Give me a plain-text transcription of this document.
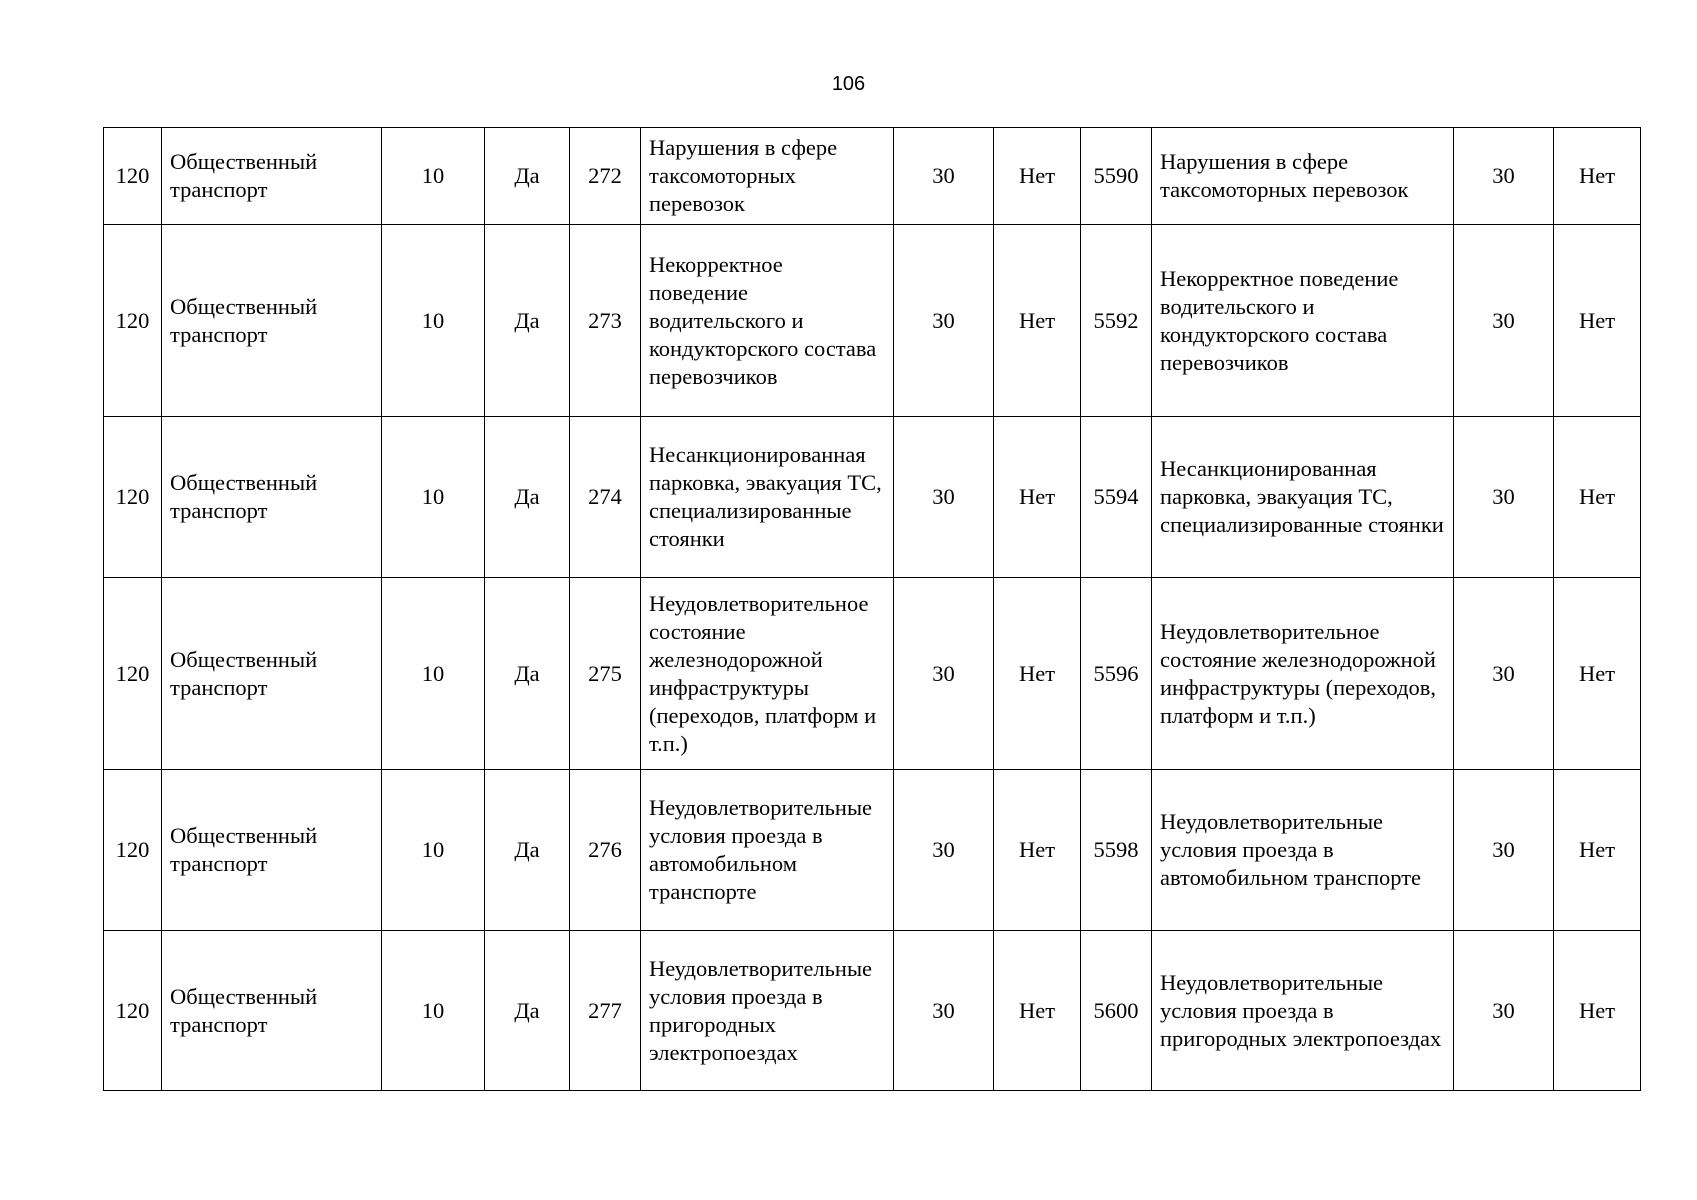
106
120	Общественный транспорт	10	Да	272	Нарушения в сфере таксомоторных перевозок	30	Нет	5590	Нарушения в сфере таксомоторных перевозок	30	Нет
120	Общественный транспорт	10	Да	273	Некорректное поведение водительского и кондукторского состава перевозчиков	30	Нет	5592	Некорректное поведение водительского и кондукторского состава перевозчиков	30	Нет
120	Общественный транспорт	10	Да	274	Несанкционированная парковка, эвакуация ТС, специализированные стоянки	30	Нет	5594	Несанкционированная парковка, эвакуация ТС, специализированные стоянки	30	Нет
120	Общественный транспорт	10	Да	275	Неудовлетворительное состояние железнодорожной инфраструктуры (переходов, платформ и т.п.)	30	Нет	5596	Неудовлетворительное состояние железнодорожной инфраструктуры (переходов, платформ и т.п.)	30	Нет
120	Общественный транспорт	10	Да	276	Неудовлетворительные условия проезда в автомобильном транспорте	30	Нет	5598	Неудовлетворительные условия проезда в автомобильном транспорте	30	Нет
120	Общественный транспорт	10	Да	277	Неудовлетворительные условия проезда в пригородных электропоездах	30	Нет	5600	Неудовлетворительные условия проезда в пригородных электропоездах	30	Нет
